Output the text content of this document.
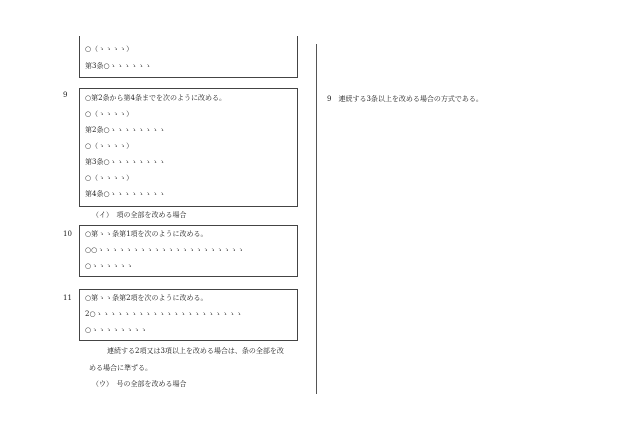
○（ゝゝゝゝ）
第3条○ゝゝゝゝゝゝ
9	○第2条から第4条までを次のように改める。
○（ゝゝゝゝ）
第2条○ゝゝゝゝゝゝゝゝ
○（ゝゝゝゝ）
第3条○ゝゝゝゝゝゝゝゝ
○（ゝゝゝゝ）
第4条○ゝゝゝゝゝゝゝゝ
（イ）　項の全部を改める場合
10 ○第ゝゝ条第1項を次のように改める。
○○ゝゝゝゝゝゝゝゝゝゝゝゝゝゝゝゝゝゝゝゝゝ
○ゝゝゝゝゝゝ
11 ○第ゝゝ条第2項を次のように改める。
2○ゝゝゝゝゝゝゝゝゝゝゝゝゝゝゝゝゝゝゝゝゝ
○ゝゝゝゝゝゝゝゝ
連続する2項又は3項以上を改める場合は、条の全部を改
める場合に準ずる。
（ウ）　号の全部を改める場合
9　連続する3条以上を改める場合の方式である。
